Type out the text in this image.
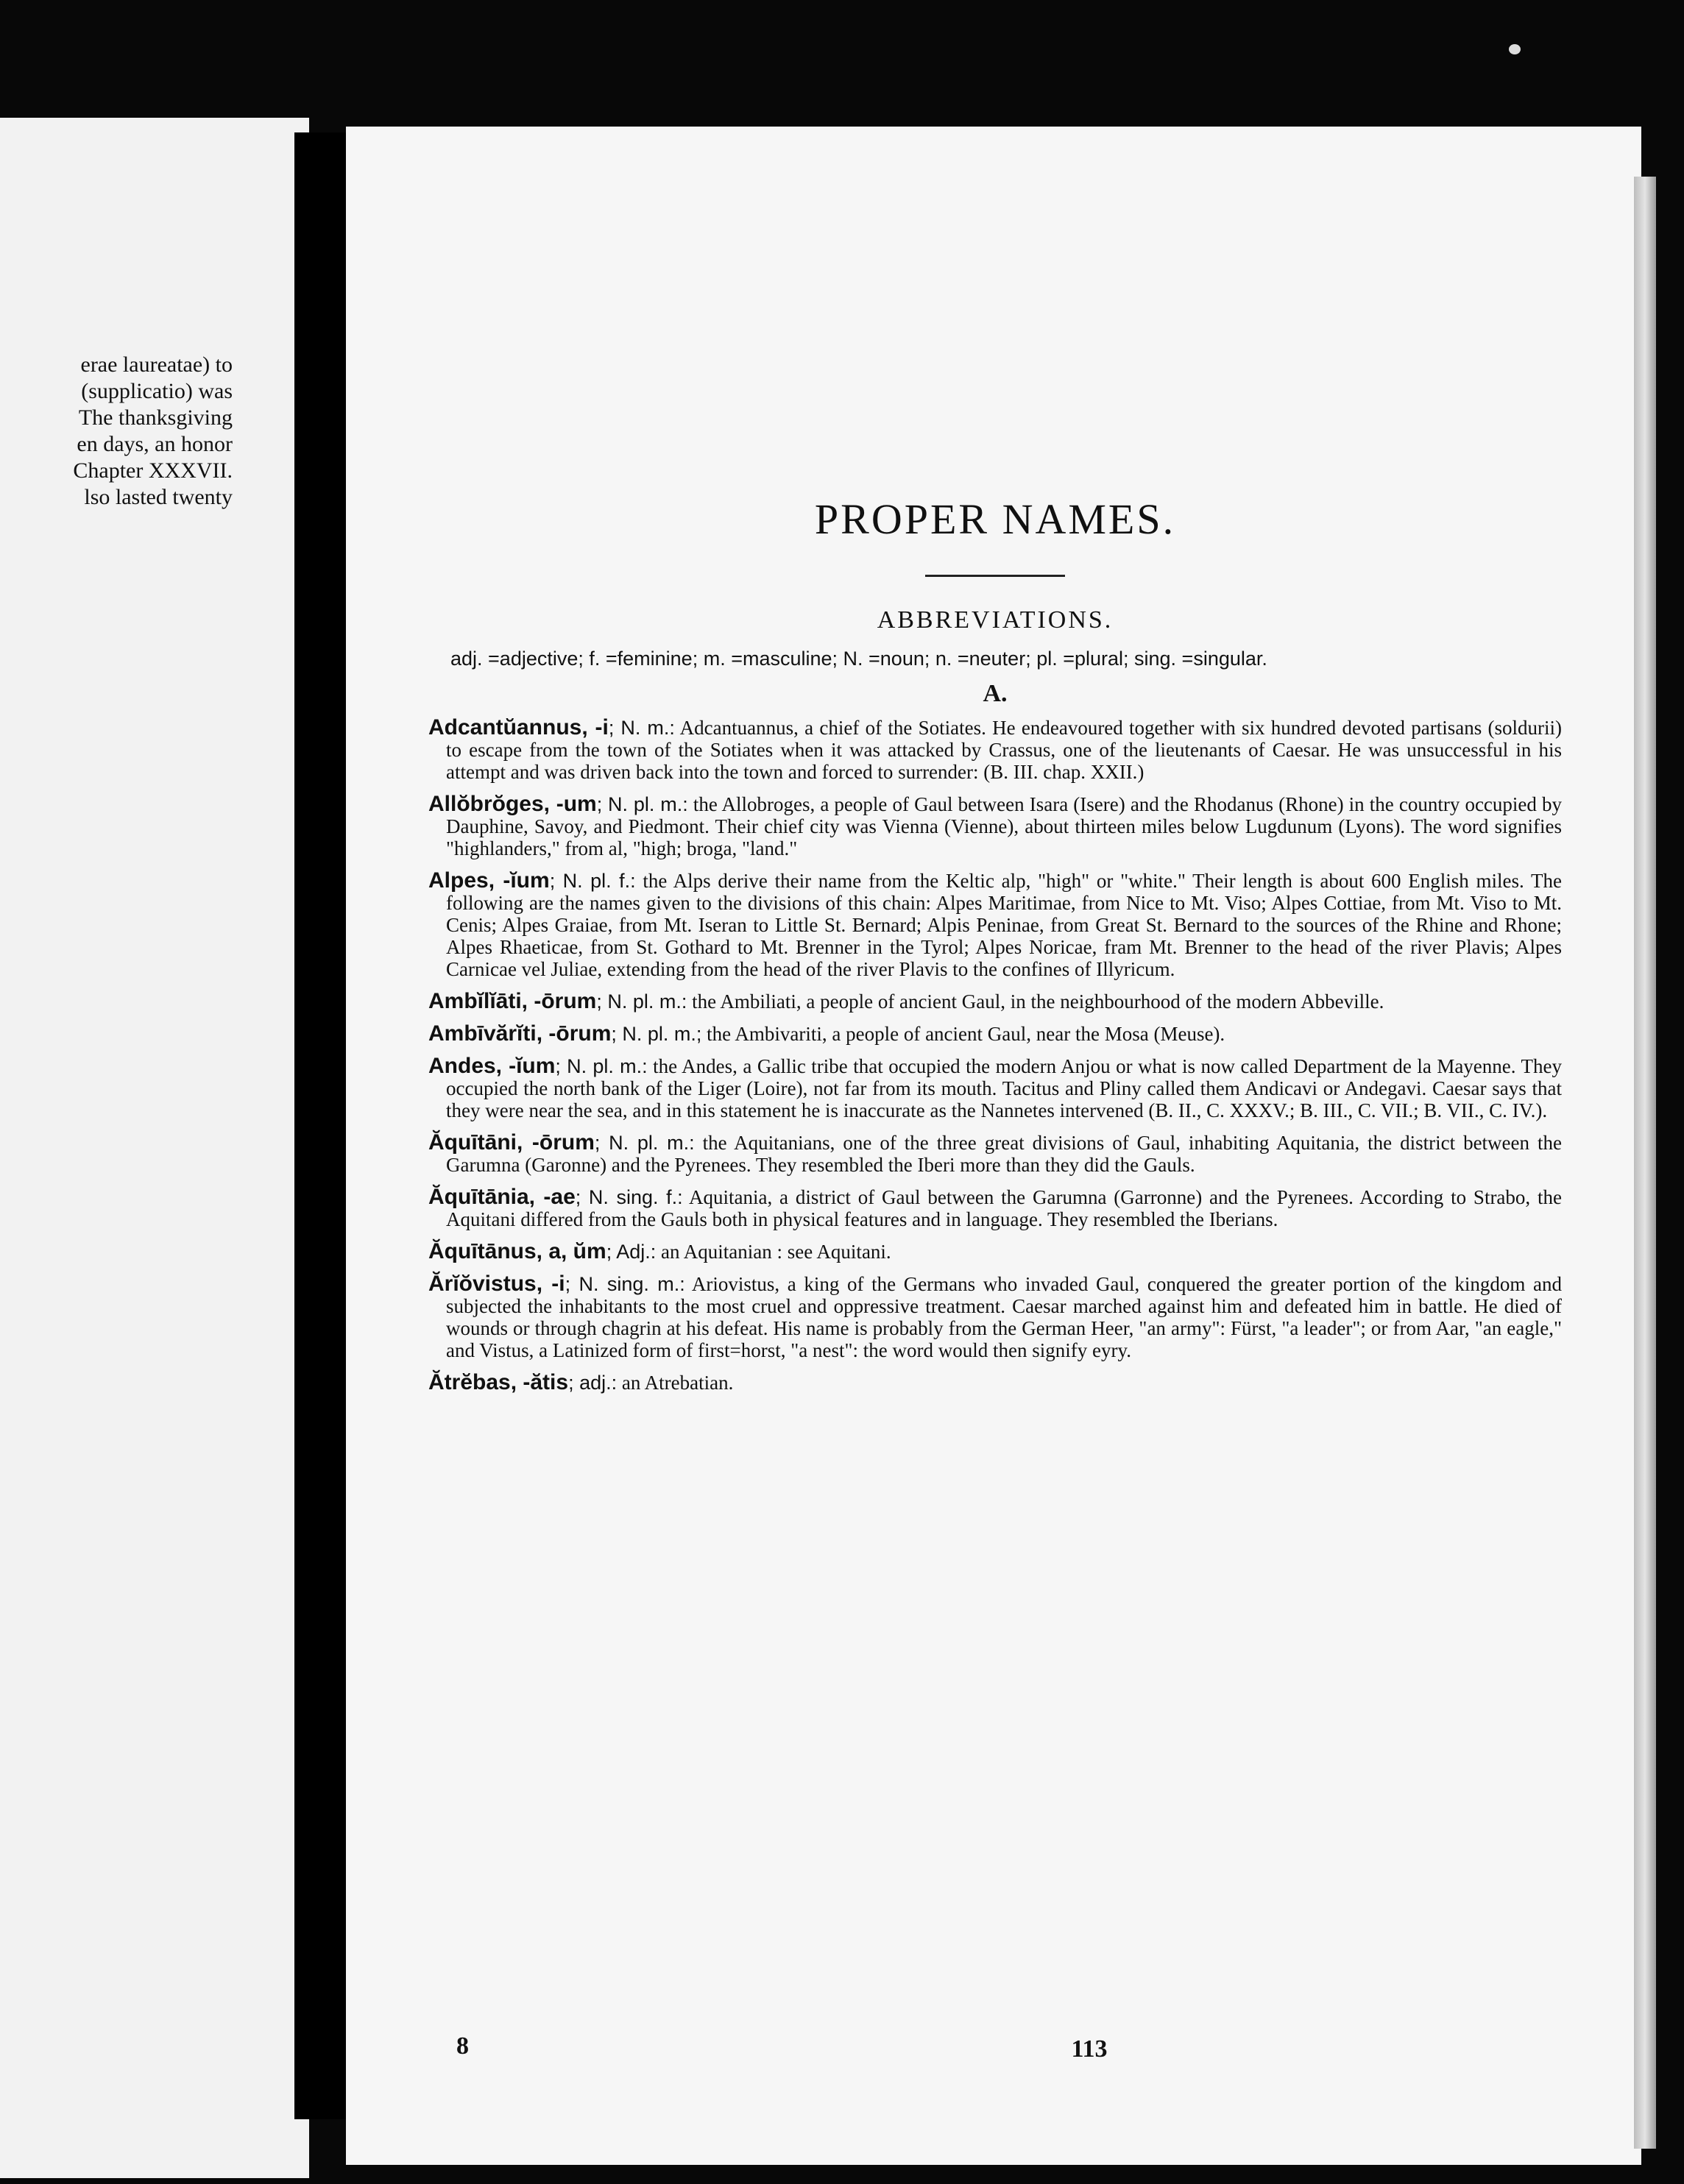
erae laureatae) to
(supplicatio) was
The thanksgiving
en days, an honor
Chapter XXXVII.
lso lasted twenty	PROPER NAMES.
ABBREVIATIONS.

adj. =adjective; f. =feminine; m. =masculine; N. =noun; n. =neuter; pl. =plural; sing. =singular.

A.

Adcantŭannus, -i; N. m.: Adcantuannus, a chief of the Sotiates. He endeavoured together with six hundred devoted partisans (soldurii) to escape from the town of the Sotiates when it was attacked by Crassus, one of the lieutenants of Caesar. He was unsuccessful in his attempt and was driven back into the town and forced to surrender: (B. III. chap. XXII.)

Allŏbrŏges, -um; N. pl. m.: the Allobroges, a people of Gaul between Isara (Isere) and the Rhodanus (Rhone) in the country occupied by Dauphine, Savoy, and Piedmont. Their chief city was Vienna (Vienne), about thirteen miles below Lugdunum (Lyons). The word signifies "highlanders," from al, "high; broga, "land."

Alpes, -ĭum; N. pl. f.: the Alps derive their name from the Keltic alp, "high" or "white." Their length is about 600 English miles. The following are the names given to the divisions of this chain: Alpes Maritimae, from Nice to Mt. Viso; Alpes Cottiae, from Mt. Viso to Mt. Cenis; Alpes Graiae, from Mt. Iseran to Little St. Bernard; Alpis Peninae, from Great St. Bernard to the sources of the Rhine and Rhone; Alpes Rhaeticae, from St. Gothard to Mt. Brenner in the Tyrol; Alpes Noricae, fram Mt. Brenner to the head of the river Plavis; Alpes Carnicae vel Juliae, extending from the head of the river Plavis to the confines of Illyricum.

Ambĭlĭāti, -ōrum; N. pl. m.: the Ambiliati, a people of ancient Gaul, in the neighbourhood of the modern Abbeville.

Ambīvărĭti, -ōrum; N. pl. m.; the Ambivariti, a people of ancient Gaul, near the Mosa (Meuse).

Andes, -ĭum; N. pl. m.: the Andes, a Gallic tribe that occupied the modern Anjou or what is now called Department de la Mayenne. They occupied the north bank of the Liger (Loire), not far from its mouth. Tacitus and Pliny called them Andicavi or Andegavi. Caesar says that they were near the sea, and in this statement he is inaccurate as the Nannetes intervened (B. II., C. XXXV.; B. III., C. VII.; B. VII., C. IV.).

Ăquītāni, -ōrum; N. pl. m.: the Aquitanians, one of the three great divisions of Gaul, inhabiting Aquitania, the district between the Garumna (Garonne) and the Pyrenees. They resembled the Iberi more than they did the Gauls.

Ăquītānia, -ae; N. sing. f.: Aquitania, a district of Gaul between the Garumna (Garronne) and the Pyrenees. According to Strabo, the Aquitani differed from the Gauls both in physical features and in language. They resembled the Iberians.

Ăquītānus, a, ŭm; Adj.: an Aquitanian : see Aquitani.

Ărĭŏvistus, -i; N. sing. m.: Ariovistus, a king of the Germans who invaded Gaul, conquered the greater portion of the kingdom and subjected the inhabitants to the most cruel and oppressive treatment. Caesar marched against him and defeated him in battle. He died of wounds or through chagrin at his defeat. His name is probably from the German Heer, "an army": Fürst, "a leader"; or from Aar, "an eagle," and Vistus, a Latinized form of first=horst, "a nest": the word would then signify eyry.

Ătrĕbas, -ătis; adj.: an Atrebatian.

8	113
